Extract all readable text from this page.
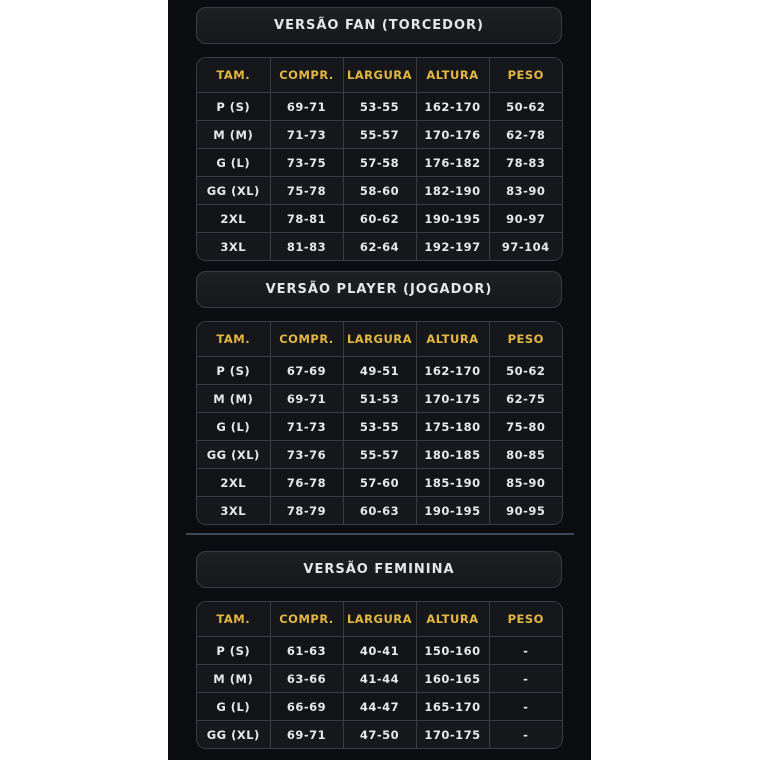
VERSÃO FAN (TORCEDOR)
TAM.	COMPR.	LARGURA	ALTURA	PESO
P (S)	69-71	53-55	162-170	50-62
M (M)	71-73	55-57	170-176	62-78
G (L)	73-75	57-58	176-182	78-83
GG (XL)	75-78	58-60	182-190	83-90
2XL	78-81	60-62	190-195	90-97
3XL	81-83	62-64	192-197	97-104
VERSÃO PLAYER (JOGADOR)
TAM.	COMPR.	LARGURA	ALTURA	PESO
P (S)	67-69	49-51	162-170	50-62
M (M)	69-71	51-53	170-175	62-75
G (L)	71-73	53-55	175-180	75-80
GG (XL)	73-76	55-57	180-185	80-85
2XL	76-78	57-60	185-190	85-90
3XL	78-79	60-63	190-195	90-95
VERSÃO FEMININA
TAM.	COMPR.	LARGURA	ALTURA	PESO
P (S)	61-63	40-41	150-160	-
M (M)	63-66	41-44	160-165	-
G (L)	66-69	44-47	165-170	-
GG (XL)	69-71	47-50	170-175	-
